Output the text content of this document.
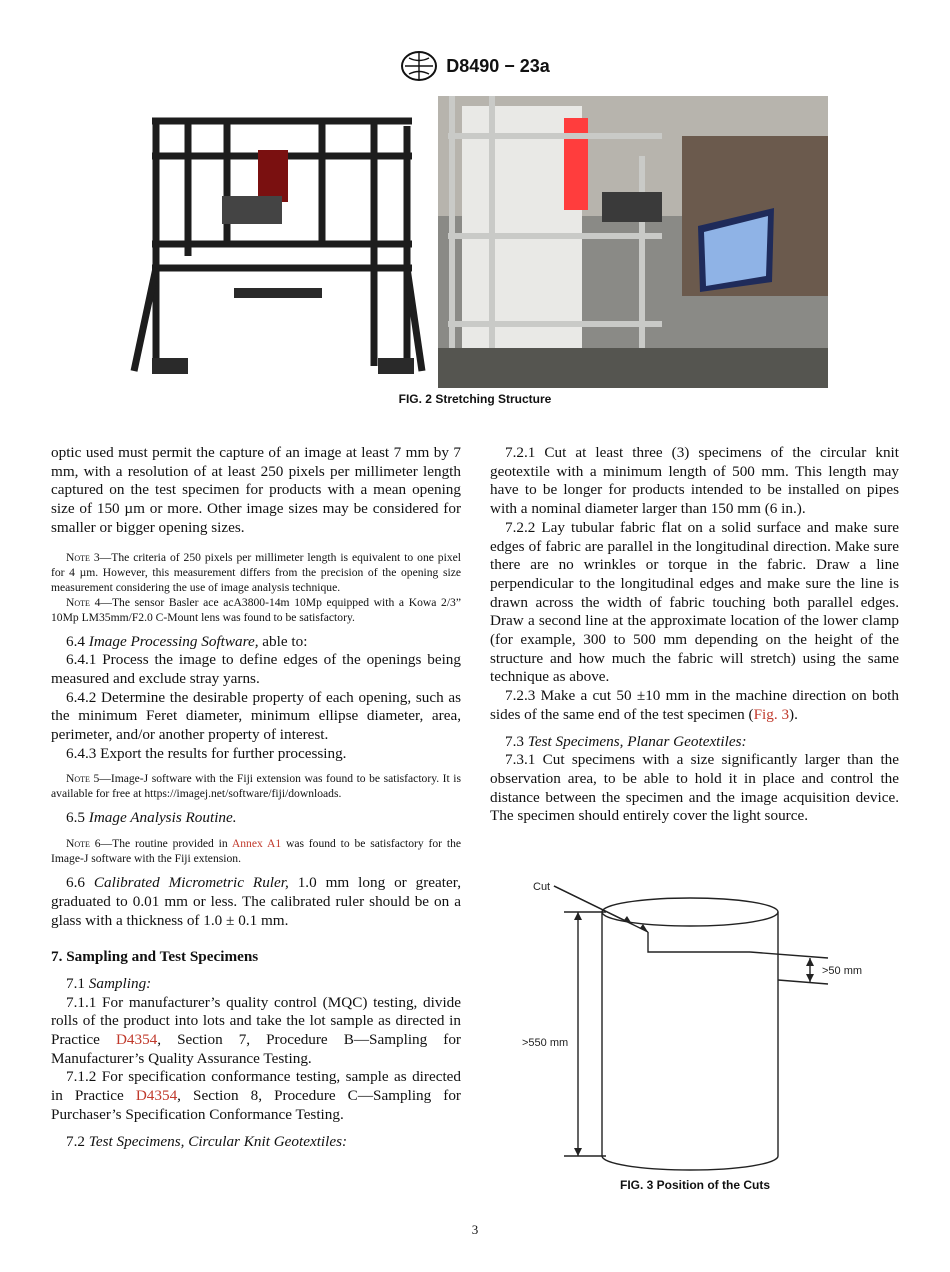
D8490 − 23a
FIG. 2 Stretching Structure

optic used must permit the capture of an image at least 7 mm by 7 mm, with a resolution of at least 250 pixels per millimeter length captured on the test specimen for products with a mean opening size of 150 µm or more. Other image sizes may be considered for smaller or bigger opening sizes.

Note 3—The criteria of 250 pixels per millimeter length is equivalent to one pixel for 4 µm. However, this measurement differs from the precision of the opening size measurement considering the use of image analysis technique.

Note 4—The sensor Basler ace acA3800-14m 10Mp equipped with a Kowa 2/3” 10Mp LM35mm/F2.0 C-Mount lens was found to be satisfactory.

6.4 Image Processing Software, able to:

6.4.1 Process the image to define edges of the openings being measured and exclude stray yarns.

6.4.2 Determine the desirable property of each opening, such as the minimum Feret diameter, minimum ellipse diameter, area, perimeter, and/or another property of interest.

6.4.3 Export the results for further processing.

Note 5—Image-J software with the Fiji extension was found to be satisfactory. It is available for free at https://imagej.net/software/fiji/downloads.

6.5 Image Analysis Routine.

Note 6—The routine provided in Annex A1 was found to be satisfactory for the Image-J software with the Fiji extension.

6.6 Calibrated Micrometric Ruler, 1.0 mm long or greater, graduated to 0.01 mm or less. The calibrated ruler should be on a glass with a thickness of 1.0 ± 0.1 mm.

7. Sampling and Test Specimens

7.1 Sampling:

7.1.1 For manufacturer’s quality control (MQC) testing, divide rolls of the product into lots and take the lot sample as directed in Practice D4354, Section 7, Procedure B—Sampling for Manufacturer’s Quality Assurance Testing.

7.1.2 For specification conformance testing, sample as directed in Practice D4354, Section 8, Procedure C—Sampling for Purchaser’s Specification Conformance Testing.

7.2 Test Specimens, Circular Knit Geotextiles:

7.2.1 Cut at least three (3) specimens of the circular knit geotextile with a minimum length of 500 mm. This length may have to be longer for products intended to be installed on pipes with a nominal diameter larger than 150 mm (6 in.).

7.2.2 Lay tubular fabric flat on a solid surface and make sure edges of fabric are parallel in the longitudinal direction. Make sure there are no wrinkles or torque in the fabric. Draw a line perpendicular to the longitudinal edges and make sure the line is drawn across the width of fabric touching both parallel edges. Draw a second line at the approximate location of the lower clamp (for example, 300 to 500 mm depending on the height of the structure and how much the fabric will stretch) using the same technique as above.

7.2.3 Make a cut 50 ±10 mm in the machine direction on both sides of the same end of the test specimen (Fig. 3).

7.3 Test Specimens, Planar Geotextiles:

7.3.1 Cut specimens with a size significantly larger than the observation area, to be able to hold it in place and control the distance between the specimen and the image acquisition device. The specimen should entirely cover the light source.

Cut
>50 mm
>550 mm
FIG. 3 Position of the Cuts
3
